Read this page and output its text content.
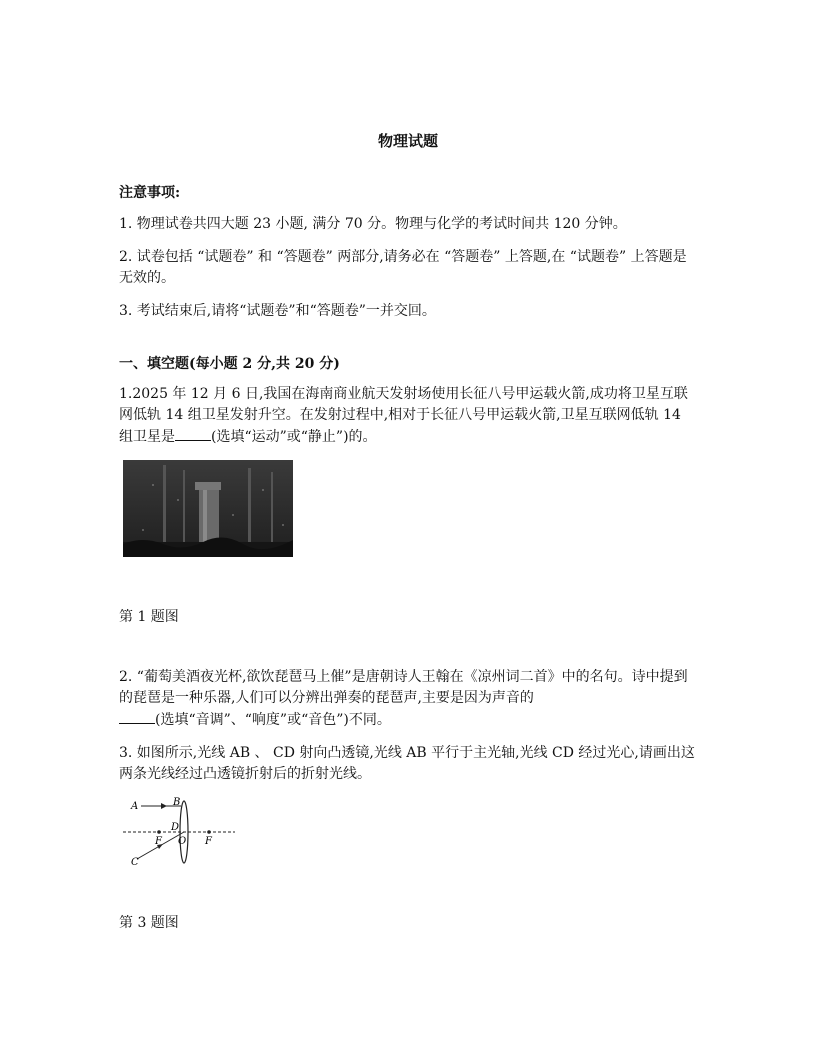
物理试题
注意事项:
1. 物理试卷共四大题 23 小题, 满分 70 分。物理与化学的考试时间共 120 分钟。
2. 试卷包括 “试题卷” 和 “答题卷” 两部分,请务必在 “答题卷” 上答题,在 “试题卷” 上答题是无效的。
3. 考试结束后,请将“试题卷”和“答题卷”一并交回。
一、填空题(每小题 2 分,共 20 分)
1.2025 年 12 月 6 日,我国在海南商业航天发射场使用长征八号甲运载火箭,成功将卫星互联网低轨 14 组卫星发射升空。在发射过程中,相对于长征八号甲运载火箭,卫星互联网低轨 14 组卫星是	(选填“运动”或“静止”)的。
第 1 题图
2. “葡萄美酒夜光杯,欲饮琵琶马上催”是唐朝诗人王翰在《凉州词二首》中的名句。诗中提到的琵琶是一种乐器,人们可以分辨出弹奏的琵琶声,主要是因为声音的
(选填“音调”、“响度”或“音色”)不同。
3. 如图所示,光线 AB 、 CD 射向凸透镜,光线 AB 平行于主光轴,光线 CD 经过光心,请画出这两条光线经过凸透镜折射后的折射光线。
A	B
D
O
F	F
C
第 3 题图
